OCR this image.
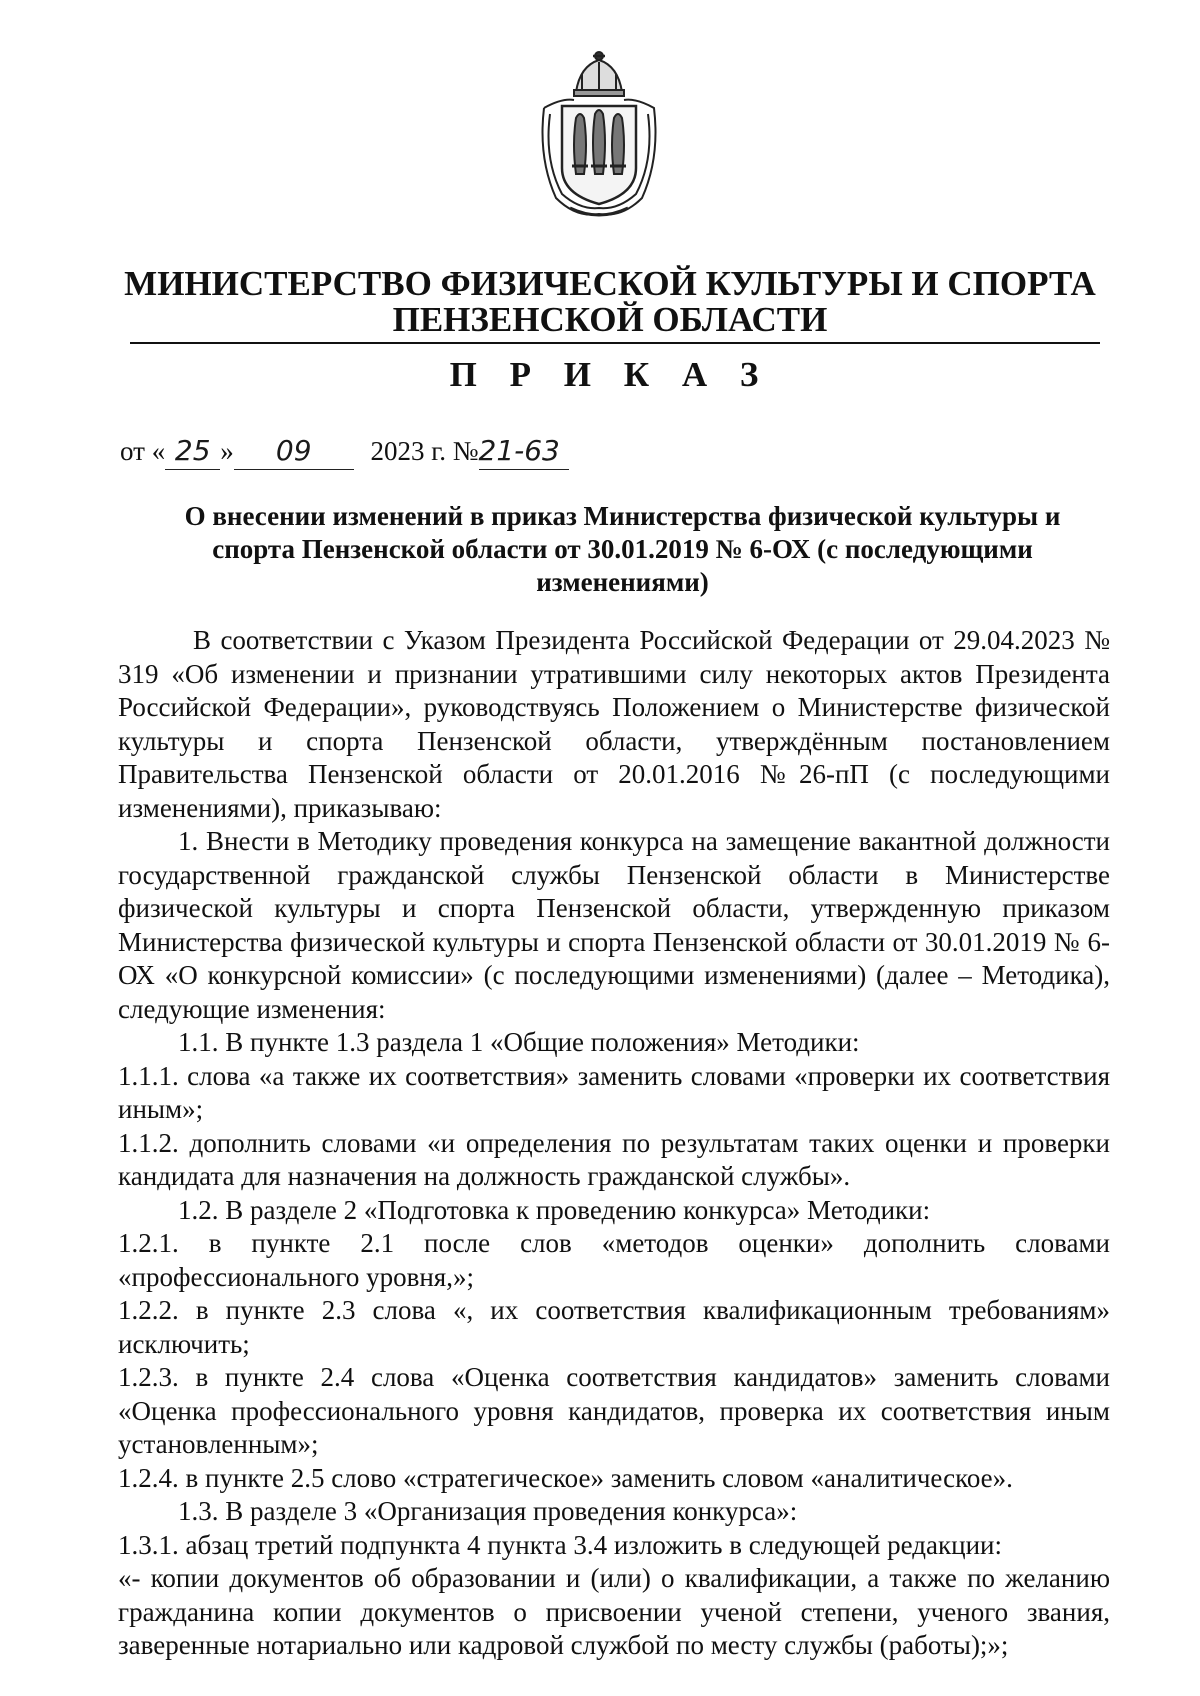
МИНИСТЕРСТВО ФИЗИЧЕСКОЙ КУЛЬТУРЫ И СПОРТА
ПЕНЗЕНСКОЙ ОБЛАСТИ
П Р И К А З
от « 25 » 09 2023 г. №21-63

О внесении изменений в приказ Министерства физической культуры и спорта Пензенской области от 30.01.2019 № 6-ОХ (с последующими изменениями)

В соответствии с Указом Президента Российской Федерации от 29.04.2023 № 319 «Об изменении и признании утратившими силу некоторых актов Президента Российской Федерации», руководствуясь Положением о Министерстве физической культуры и спорта Пензенской области, утверждённым постановлением Правительства Пензенской области от 20.01.2016 №26-пП (с последующими изменениями), приказываю:

1. Внести в Методику проведения конкурса на замещение вакантной должности государственной гражданской службы Пензенской области в Министерстве физической культуры и спорта Пензенской области, утвержденную приказом Министерства физической культуры и спорта Пензенской области от 30.01.2019 № 6-ОХ «О конкурсной комиссии» (с последующими изменениями) (далее – Методика), следующие изменения:

1.1. В пункте 1.3 раздела 1 «Общие положения» Методики:

1.1.1. слова «а также их соответствия» заменить словами «проверки их соответствия иным»;

1.1.2. дополнить словами «и определения по результатам таких оценки и проверки кандидата для назначения на должность гражданской службы».

1.2. В разделе 2 «Подготовка к проведению конкурса» Методики:

1.2.1. в пункте 2.1 после слов «методов оценки» дополнить словами «профессионального уровня,»;

1.2.2. в пункте 2.3 слова «, их соответствия квалификационным требованиям» исключить;

1.2.3. в пункте 2.4 слова «Оценка соответствия кандидатов» заменить словами «Оценка профессионального уровня кандидатов, проверка их соответствия иным установленным»;

1.2.4. в пункте 2.5 слово «стратегическое» заменить словом «аналитическое».

1.3. В разделе 3 «Организация проведения конкурса»:

1.3.1. абзац третий подпункта 4 пункта 3.4 изложить в следующей редакции:

«- копии документов об образовании и (или) о квалификации, а также по желанию гражданина копии документов о присвоении ученой степени, ученого звания, заверенные нотариально или кадровой службой по месту службы (работы);»;
